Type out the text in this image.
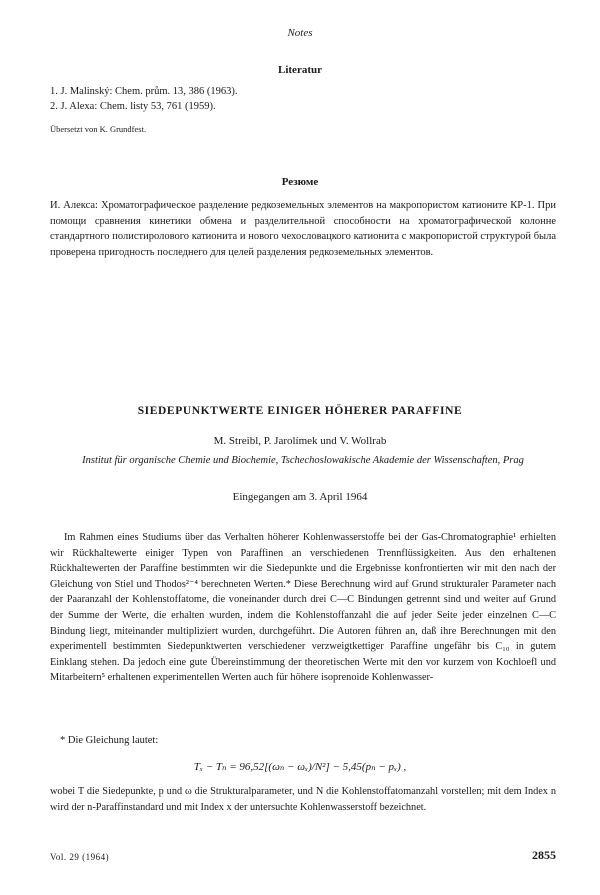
Notes
Literatur
1. J. Malinský: Chem. prům. 13, 386 (1963).
2. J. Alexa: Chem. listy 53, 761 (1959).
Übersetzt von K. Grundfest.
Резюме
И. Алекса: Хроматографическое разделение редкоземельных элементов на макропористом катионите КР-1. При помощи сравнения кинетики обмена и разделительной способности на хроматографической колонне стандартного полистиролового катионита и нового чехословацкого катионита с макропористой структурой была проверена пригодность последнего для целей разделения редкоземельных элементов.
SIEDEPUNKTWERTE EINIGER HÖHERER PARAFFINE
M. Streibl, P. Jarolímek und V. Wollrab
Institut für organische Chemie und Biochemie, Tschechoslowakische Akademie der Wissenschaften, Prag
Eingegangen am 3. April 1964
Im Rahmen eines Studiums über das Verhalten höherer Kohlenwasserstoffe bei der Gas-Chromatographie¹ erhielten wir Rückhaltewerte einiger Typen von Paraffinen an verschiedenen Trennflüssigkeiten. Aus den erhaltenen Rückhaltewerten der Paraffine bestimmten wir die Siedepunkte und die Ergebnisse konfrontierten wir mit den nach der Gleichung von Stiel und Thodos²⁻⁴ berechneten Werten.* Diese Berechnung wird auf Grund strukturaler Parameter nach der Paaranzahl der Kohlenstoffatome, die voneinander durch drei C—C Bindungen getrennt sind und weiter auf Grund der Summe der Werte, die erhalten wurden, indem die Kohlenstoffanzahl die auf jeder Seite jeder einzelnen C—C Bindung liegt, miteinander multipliziert wurden, durchgeführt. Die Autoren führen an, daß ihre Berechnungen mit den experimentell bestimmten Siedepunktwerten verschiedener verzweigtkettiger Paraffine ungefähr bis C₁₀ in gutem Einklang stehen. Da jedoch eine gute Übereinstimmung der theoretischen Werte mit den vor kurzem von Kochloefl und Mitarbeitern⁵ erhaltenen experimentellen Werten auch für höhere isoprenoide Kohlenwasser-
* Die Gleichung lautet:
Tₓ − Tₙ = 96,52[(ωₙ − ωₓ)/N²] − 5,45(pₙ − pₓ) ,
wobei T die Siedepunkte, p und ω die Strukturalparameter, und N die Kohlenstoffatomanzahl vorstellen; mit dem Index n wird der n-Paraffinstandard und mit Index x der untersuchte Kohlenwasserstoff bezeichnet.
Vol. 29 (1964)	2855
